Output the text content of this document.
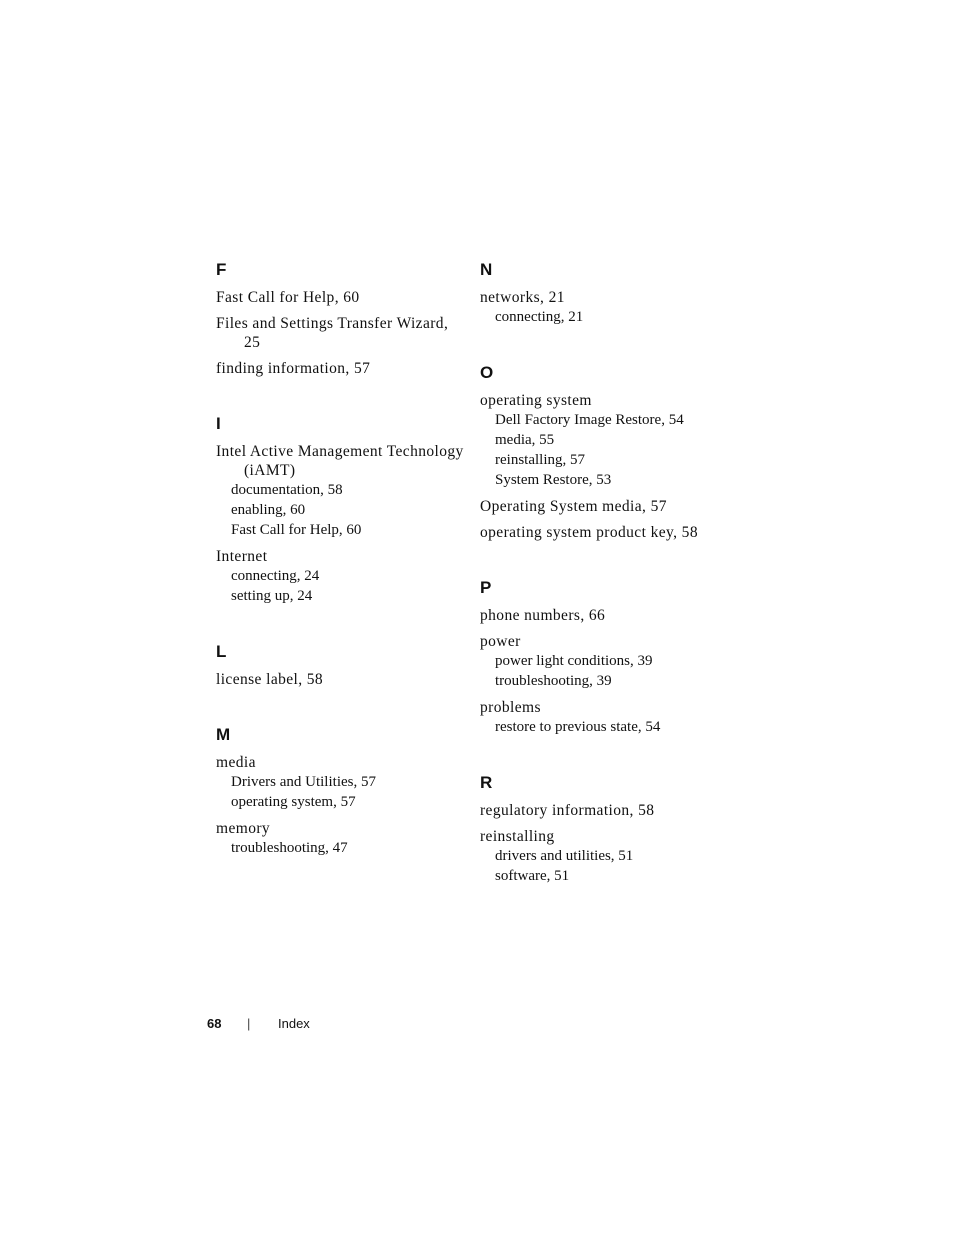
F
Fast Call for Help, 60
Files and Settings Transfer Wizard, 25
finding information, 57
I
Intel Active Management Technology (iAMT)
documentation, 58
enabling, 60
Fast Call for Help, 60
Internet
connecting, 24
setting up, 24
L
license label, 58
M
media
Drivers and Utilities, 57
operating system, 57
memory
troubleshooting, 47
N
networks, 21
connecting, 21
O
operating system
Dell Factory Image Restore, 54
media, 55
reinstalling, 57
System Restore, 53
Operating System media, 57
operating system product key, 58
P
phone numbers, 66
power
power light conditions, 39
troubleshooting, 39
problems
restore to previous state, 54
R
regulatory information, 58
reinstalling
drivers and utilities, 51
software, 51
68 | Index
